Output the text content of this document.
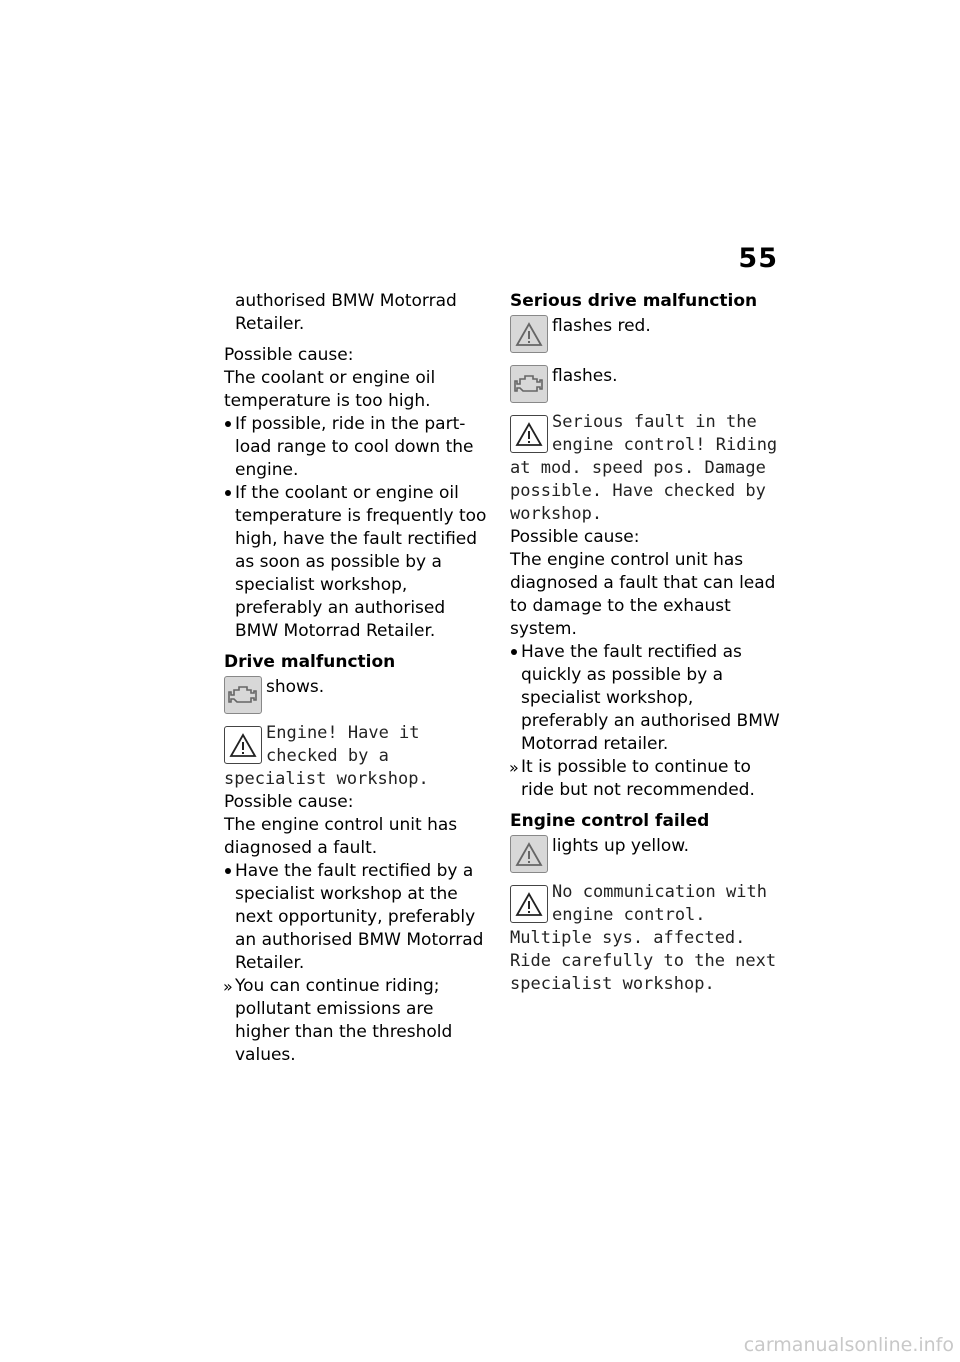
55

authorised BMW Motorrad Retailer.

Possible cause:

The coolant or engine oil temperature is too high.

If possible, ride in the part-load range to cool down the engine.

If the coolant or engine oil temperature is frequently too high, have the fault rectified as soon as possible by a specialist workshop, preferably an authorised BMW Motorrad Retailer.

Drive malfunction

shows.
Engine! Have it checked by a specialist workshop.

Possible cause:

The engine control unit has diagnosed a fault.

Have the fault rectified by a specialist workshop at the next opportunity, preferably an authorised BMW Motorrad Retailer.

» You can continue riding; pollutant emissions are higher than the threshold values.

Serious drive malfunction

flashes red.
flashes.
Serious fault in the engine control! Riding at mod. speed pos. Damage possible. Have checked by workshop.

Possible cause:

The engine control unit has diagnosed a fault that can lead to damage to the exhaust system.

Have the fault rectified as quickly as possible by a specialist workshop, preferably an authorised BMW Motorrad retailer.

» It is possible to continue to ride but not recommended.

Engine control failed

lights up yellow.
No communication with engine control. Multiple sys. affected. Ride carefully to the next specialist workshop.
carmanualsonline.info
